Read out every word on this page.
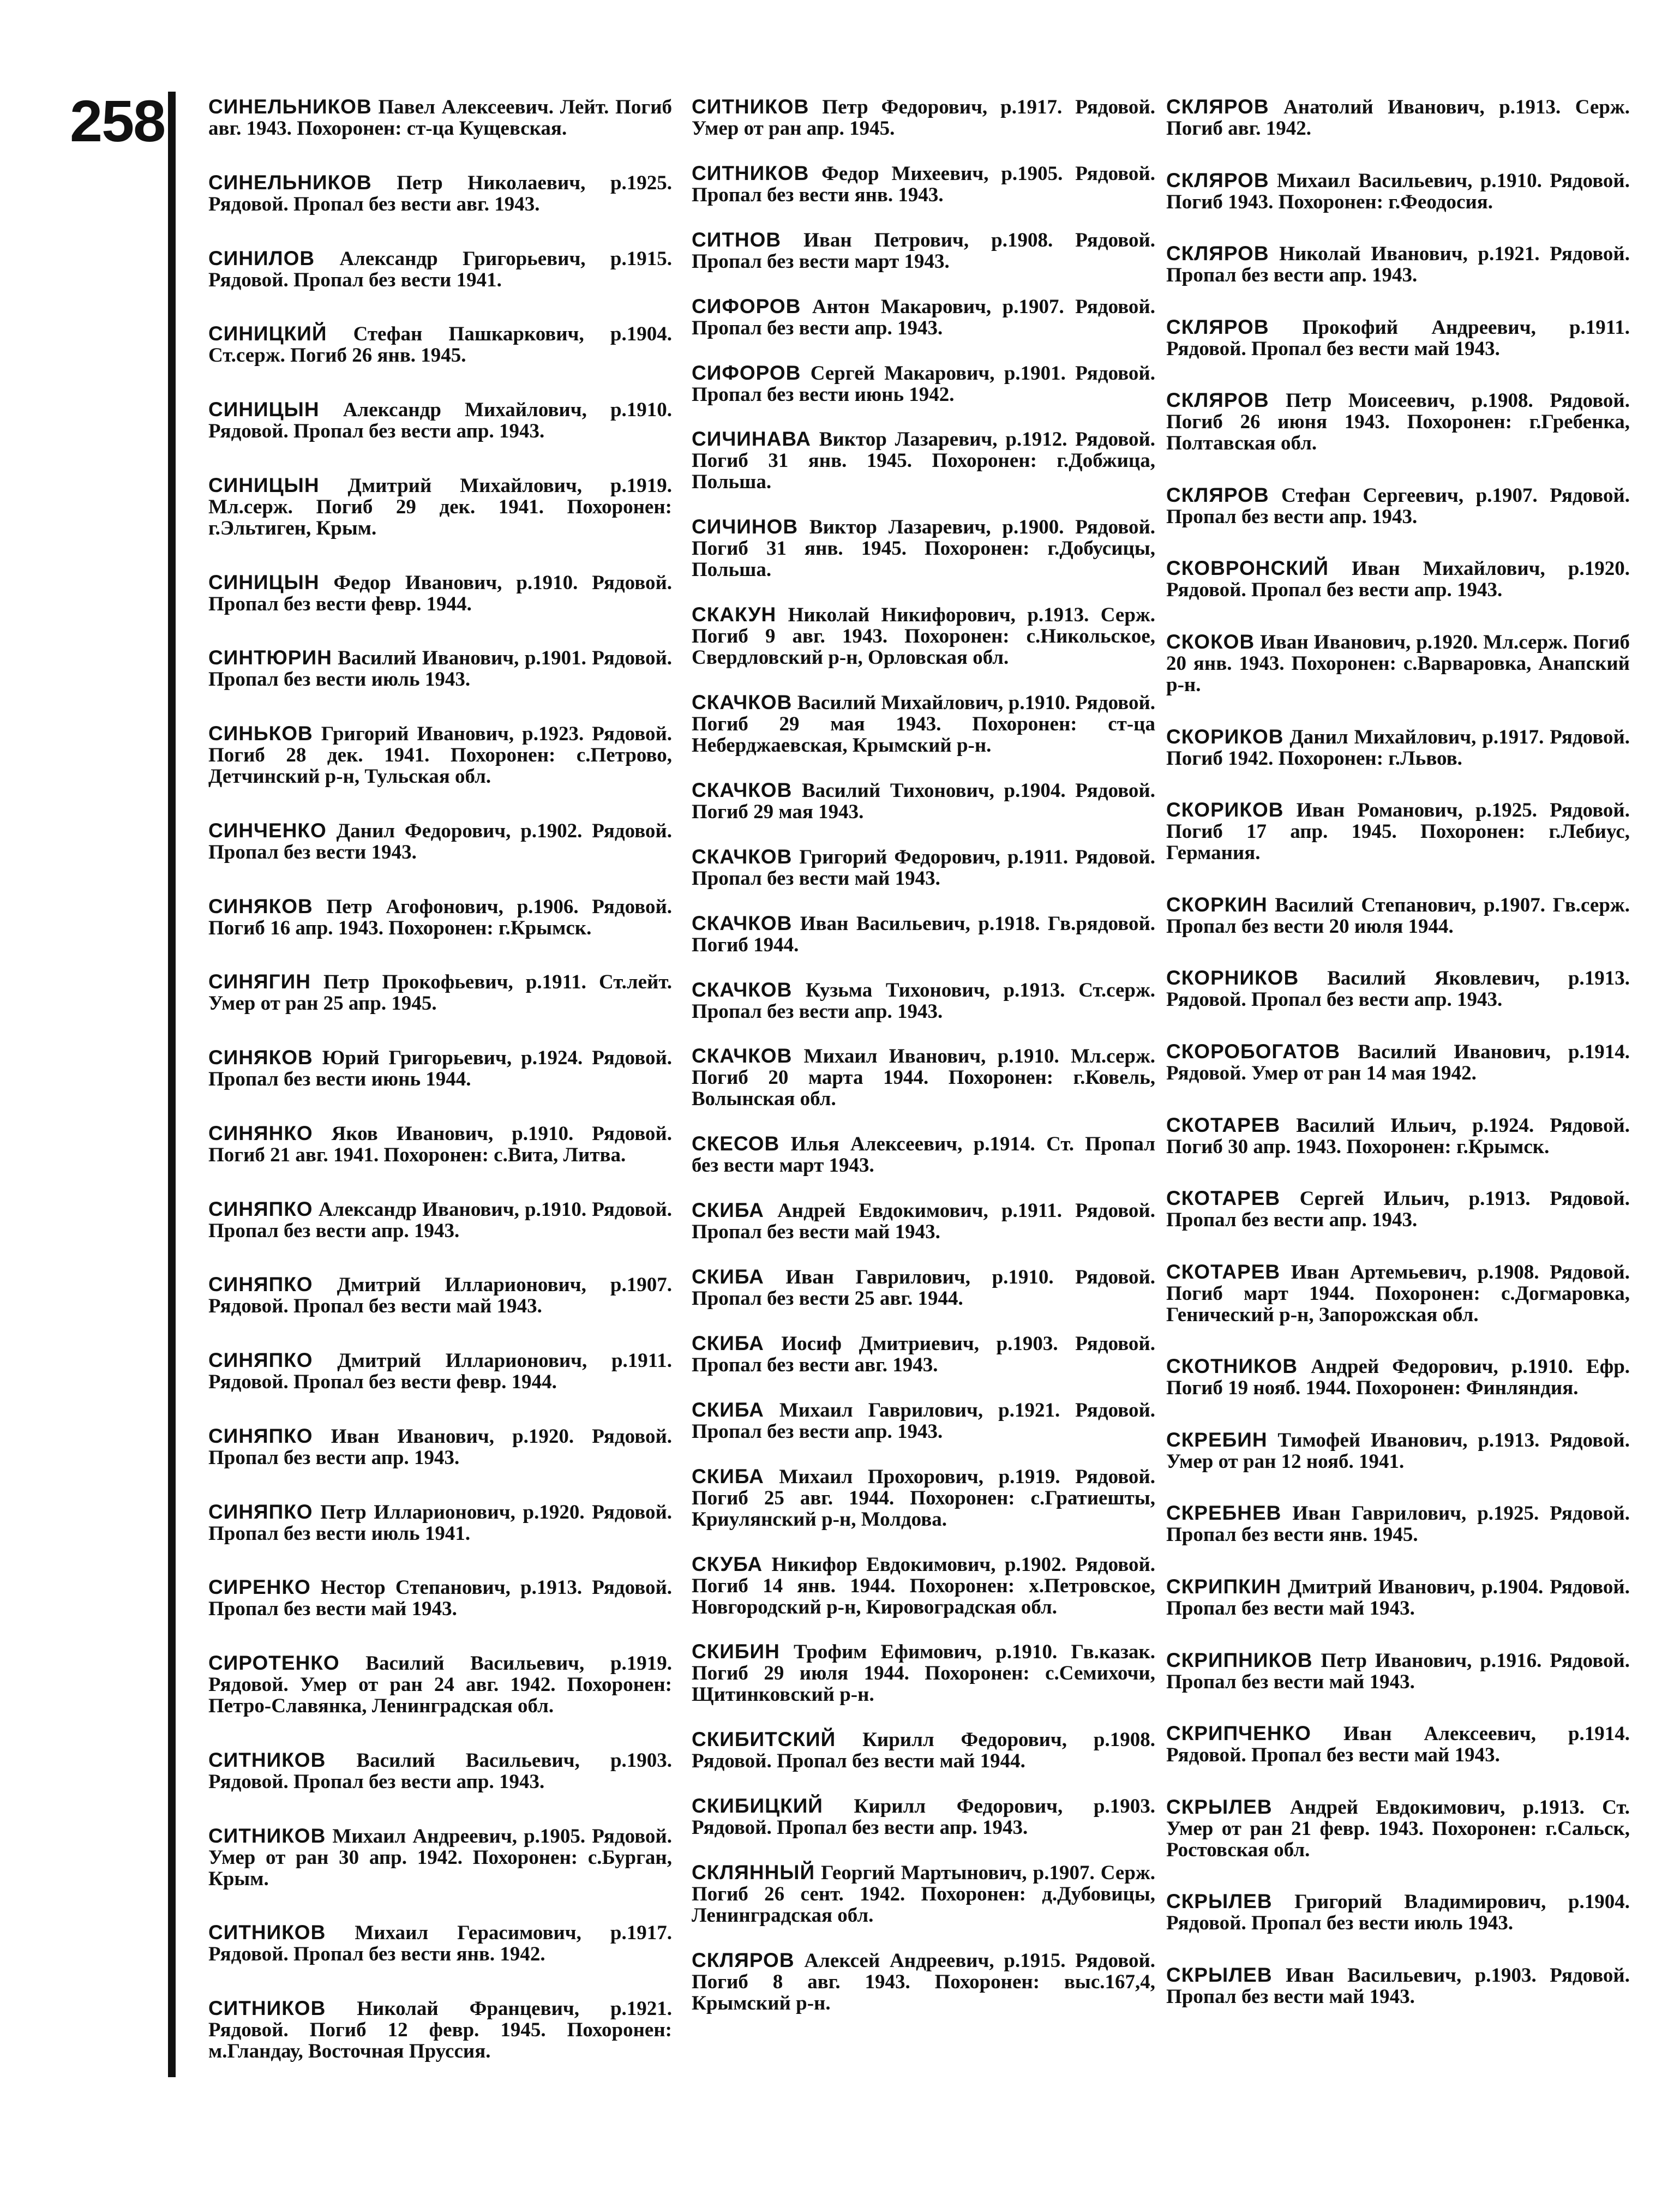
258 СИНЕЛЬНИКОВ Павел Алексеевич. Лейт. Погиб авг. 1943. Похоронен: ст-ца Кущевская.

СИНЕЛЬНИКОВ Петр Николаевич, р.1925. Рядовой. Пропал без вести авг. 1943.

СИНИЛОВ Александр Григорьевич, р.1915. Рядовой. Пропал без вести 1941.

СИНИЦКИЙ Стефан Пашкаркович, р.1904. Ст.серж. Погиб 26 янв. 1945.

СИНИЦЫН Александр Михайлович, р.1910. Рядовой. Пропал без вести апр. 1943.

СИНИЦЫН Дмитрий Михайлович, р.1919. Мл.серж. Погиб 29 дек. 1941. Похоронен: г.Эльтиген, Крым.

СИНИЦЫН Федор Иванович, р.1910. Рядовой. Пропал без вести февр. 1944.

СИНТЮРИН Василий Иванович, р.1901. Рядовой. Пропал без вести июль 1943.

СИНЬКОВ Григорий Иванович, р.1923. Рядовой. Погиб 28 дек. 1941. Похоронен: с.Петрово, Детчинский р-н, Тульская обл.

СИНЧЕНКО Данил Федорович, р.1902. Рядовой. Пропал без вести 1943.

СИНЯКОВ Петр Агофонович, р.1906. Рядовой. Погиб 16 апр. 1943. Похоронен: г.Крымск.

СИНЯГИН Петр Прокофьевич, р.1911. Ст.лейт. Умер от ран 25 апр. 1945.

СИНЯКОВ Юрий Григорьевич, р.1924. Рядовой. Пропал без вести июнь 1944.

СИНЯНКО Яков Иванович, р.1910. Рядовой. Погиб 21 авг. 1941. Похоронен: с.Вита, Литва.

СИНЯПКО Александр Иванович, р.1910. Рядовой. Пропал без вести апр. 1943.

СИНЯПКО Дмитрий Илларионович, р.1907. Рядовой. Пропал без вести май 1943.

СИНЯПКО Дмитрий Илларионович, р.1911. Рядовой. Пропал без вести февр. 1944.

СИНЯПКО Иван Иванович, р.1920. Рядовой. Пропал без вести апр. 1943.

СИНЯПКО Петр Илларионович, р.1920. Рядовой. Пропал без вести июль 1941.

СИРЕНКО Нестор Степанович, р.1913. Рядовой. Пропал без вести май 1943.

СИРОТЕНКО Василий Васильевич, р.1919. Рядовой. Умер от ран 24 авг. 1942. Похоронен: Петро-Славянка, Ленинградская обл.

СИТНИКОВ Василий Васильевич, р.1903. Рядовой. Пропал без вести апр. 1943.

СИТНИКОВ Михаил Андреевич, р.1905. Рядовой. Умер от ран 30 апр. 1942. Похоронен: с.Бурган, Крым.

СИТНИКОВ Михаил Герасимович, р.1917. Рядовой. Пропал без вести янв. 1942.

СИТНИКОВ Николай Францевич, р.1921. Рядовой. Погиб 12 февр. 1945. Похоронен: м.Гландау, Восточная Пруссия.

СИТНИКОВ Петр Федорович, р.1917. Рядовой. Умер от ран апр. 1945.

СИТНИКОВ Федор Михеевич, р.1905. Рядовой. Пропал без вести янв. 1943.

СИТНОВ Иван Петрович, р.1908. Рядовой. Пропал без вести март 1943.

СИФОРОВ Антон Макарович, р.1907. Рядовой. Пропал без вести апр. 1943.

СИФОРОВ Сергей Макарович, р.1901. Рядовой. Пропал без вести июнь 1942.

СИЧИНАВА Виктор Лазаревич, р.1912. Рядовой. Погиб 31 янв. 1945. Похоронен: г.Добжица, Польша.

СИЧИНОВ Виктор Лазаревич, р.1900. Рядовой. Погиб 31 янв. 1945. Похоронен: г.Добусицы, Польша.

СКАКУН Николай Никифорович, р.1913. Серж. Погиб 9 авг. 1943. Похоронен: с.Никольское, Свердловский р-н, Орловская обл.

СКАЧКОВ Василий Михайлович, р.1910. Рядовой. Погиб 29 мая 1943. Похоронен: ст-ца Неберджаевская, Крымский р-н.

СКАЧКОВ Василий Тихонович, р.1904. Рядовой. Погиб 29 мая 1943.

СКАЧКОВ Григорий Федорович, р.1911. Рядовой. Пропал без вести май 1943.

СКАЧКОВ Иван Васильевич, р.1918. Гв.рядовой. Погиб 1944.

СКАЧКОВ Кузьма Тихонович, р.1913. Ст.серж. Пропал без вести апр. 1943.

СКАЧКОВ Михаил Иванович, р.1910. Мл.серж. Погиб 20 марта 1944. Похоронен: г.Ковель, Волынская обл.

СКЕСОВ Илья Алексеевич, р.1914. Ст. Пропал без вести март 1943.

СКИБА Андрей Евдокимович, р.1911. Рядовой. Пропал без вести май 1943.

СКИБА Иван Гаврилович, р.1910. Рядовой. Пропал без вести 25 авг. 1944.

СКИБА Иосиф Дмитриевич, р.1903. Рядовой. Пропал без вести авг. 1943.

СКИБА Михаил Гаврилович, р.1921. Рядовой. Пропал без вести апр. 1943.

СКИБА Михаил Прохорович, р.1919. Рядовой. Погиб 25 авг. 1944. Похоронен: с.Гратиешты, Криулянский р-н, Молдова.

СКУБА Никифор Евдокимович, р.1902. Рядовой. Погиб 14 янв. 1944. Похоронен: х.Петровское, Новгородский р-н, Кировоградская обл.

СКИБИН Трофим Ефимович, р.1910. Гв.казак. Погиб 29 июля 1944. Похоронен: с.Семихочи, Щитинковский р-н.

СКИБИТСКИЙ Кирилл Федорович, р.1908. Рядовой. Пропал без вести май 1944.

СКИБИЦКИЙ Кирилл Федорович, р.1903. Рядовой. Пропал без вести апр. 1943.

СКЛЯННЫЙ Георгий Мартынович, р.1907. Серж. Погиб 26 сент. 1942. Похоронен: д.Дубовицы, Ленинградская обл.

СКЛЯРОВ Алексей Андреевич, р.1915. Рядовой. Погиб 8 авг. 1943. Похоронен: выс.167,4, Крымский р-н.

СКЛЯРОВ Анатолий Иванович, р.1913. Серж. Погиб авг. 1942.

СКЛЯРОВ Михаил Васильевич, р.1910. Рядовой. Погиб 1943. Похоронен: г.Феодосия.

СКЛЯРОВ Николай Иванович, р.1921. Рядовой. Пропал без вести апр. 1943.

СКЛЯРОВ Прокофий Андреевич, р.1911. Рядовой. Пропал без вести май 1943.

СКЛЯРОВ Петр Моисеевич, р.1908. Рядовой. Погиб 26 июня 1943. Похоронен: г.Гребенка, Полтавская обл.

СКЛЯРОВ Стефан Сергеевич, р.1907. Рядовой. Пропал без вести апр. 1943.

СКОВРОНСКИЙ Иван Михайлович, р.1920. Рядовой. Пропал без вести апр. 1943.

СКОКОВ Иван Иванович, р.1920. Мл.серж. Погиб 20 янв. 1943. Похоронен: с.Варваровка, Анапский р-н.

СКОРИКОВ Данил Михайлович, р.1917. Рядовой. Погиб 1942. Похоронен: г.Львов.

СКОРИКОВ Иван Романович, р.1925. Рядовой. Погиб 17 апр. 1945. Похоронен: г.Лебиус, Германия.

СКОРКИН Василий Степанович, р.1907. Гв.серж. Пропал без вести 20 июля 1944.

СКОРНИКОВ Василий Яковлевич, р.1913. Рядовой. Пропал без вести апр. 1943.

СКОРОБОГАТОВ Василий Иванович, р.1914. Рядовой. Умер от ран 14 мая 1942.

СКОТАРЕВ Василий Ильич, р.1924. Рядовой. Погиб 30 апр. 1943. Похоронен: г.Крымск.

СКОТАРЕВ Сергей Ильич, р.1913. Рядовой. Пропал без вести апр. 1943.

СКОТАРЕВ Иван Артемьевич, р.1908. Рядовой. Погиб март 1944. Похоронен: с.Догмаровка, Генический р-н, Запорожская обл.

СКОТНИКОВ Андрей Федорович, р.1910. Ефр. Погиб 19 нояб. 1944. Похоронен: Финляндия.

СКРЕБИН Тимофей Иванович, р.1913. Рядовой. Умер от ран 12 нояб. 1941.

СКРЕБНЕВ Иван Гаврилович, р.1925. Рядовой. Пропал без вести янв. 1945.

СКРИПКИН Дмитрий Иванович, р.1904. Рядовой. Пропал без вести май 1943.

СКРИПНИКОВ Петр Иванович, р.1916. Рядовой. Пропал без вести май 1943.

СКРИПЧЕНКО Иван Алексеевич, р.1914. Рядовой. Пропал без вести май 1943.

СКРЫЛЕВ Андрей Евдокимович, р.1913. Ст. Умер от ран 21 февр. 1943. Похоронен: г.Сальск, Ростовская обл.

СКРЫЛЕВ Григорий Владимирович, р.1904. Рядовой. Пропал без вести июль 1943.

СКРЫЛЕВ Иван Васильевич, р.1903. Рядовой. Пропал без вести май 1943.
